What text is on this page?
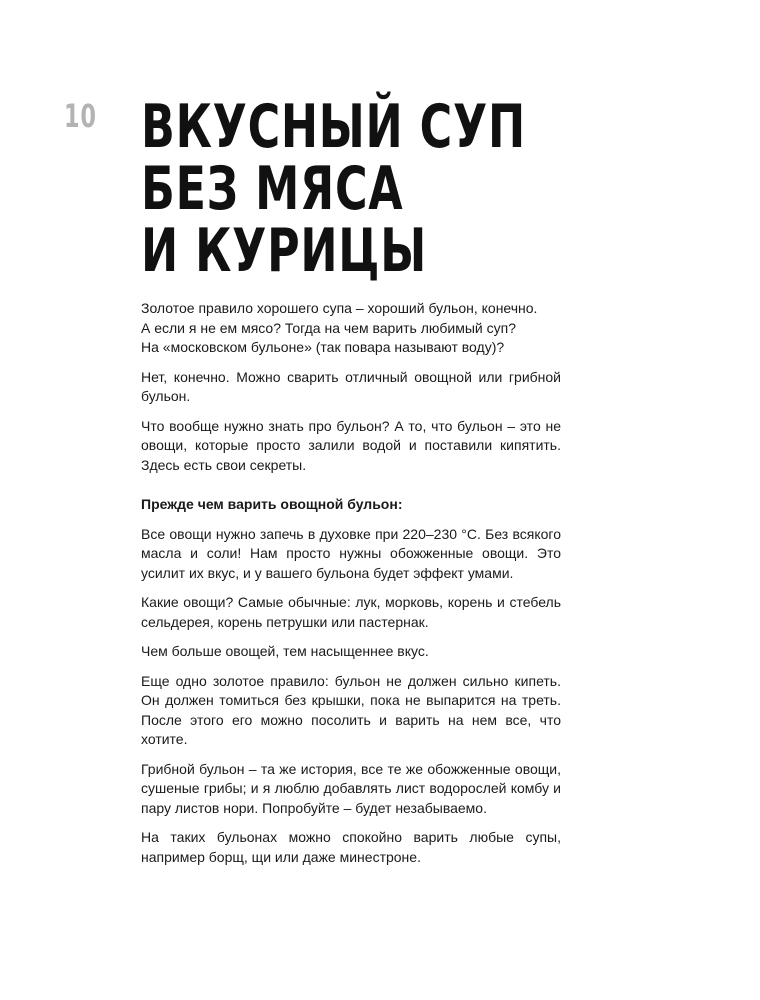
10 ВКУСНЫЙ СУП
БЕЗ МЯСА
И КУРИЦЫ

Золотое правило хорошего супа – хороший бульон, конечно.
А если я не ем мясо? Тогда на чем варить любимый суп?
На «московском бульоне» (так повара называют воду)?

Нет, конечно. Можно сварить отличный овощной или грибной бульон.

Что вообще нужно знать про бульон? А то, что бульон – это не овощи, которые просто залили водой и поставили кипятить. Здесь есть свои секреты.

Прежде чем варить овощной бульон:

Все овощи нужно запечь в духовке при 220–230 °С. Без всякого масла и соли! Нам просто нужны обожженные овощи. Это усилит их вкус, и у вашего бульона будет эффект умами.

Какие овощи? Самые обычные: лук, морковь, корень и стебель сельдерея, корень петрушки или пастернак.

Чем больше овощей, тем насыщеннее вкус.

Еще одно золотое правило: бульон не должен сильно кипеть. Он должен томиться без крышки, пока не выпарится на треть. После этого его можно посолить и варить на нем все, что хотите.

Грибной бульон – та же история, все те же обожженные овощи, сушеные грибы; и я люблю добавлять лист водорослей комбу и пару листов нори. Попробуйте – будет незабываемо.

На таких бульонах можно спокойно варить любые супы, например борщ, щи или даже минестроне.
